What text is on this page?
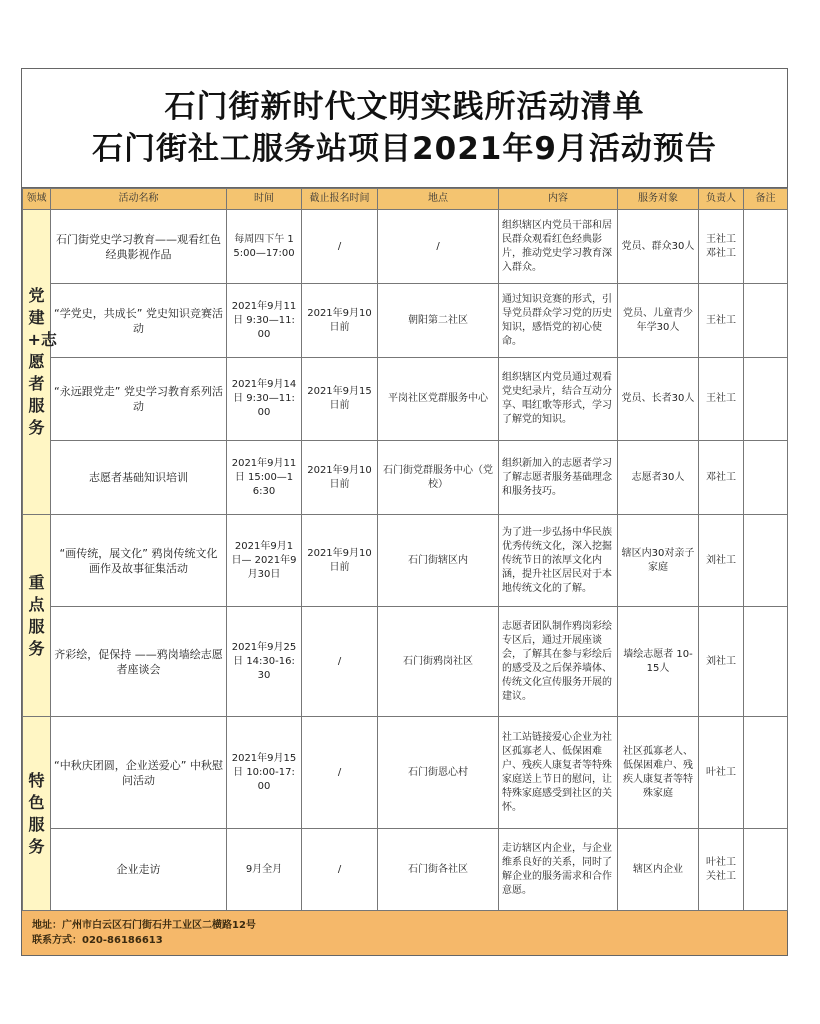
石门街新时代文明实践所活动清单
石门街社工服务站项目2021年9月活动预告
领域	活动名称	时间	截止报名时间	地点	内容	服务对象	负责人	备注

党建+志愿者服务	石门街党史学习教育——观看红色经典影视作品	每周四下午 15:00—17:00	/	/	组织辖区内党员干部和居民群众观看红色经典影片，推动党史学习教育深入群众。	党员、群众30人	王社工 邓社工	
	“学党史，共成长” 党史知识竞赛活动	2021年9月11日 9:30—11:00	2021年9月10日前	朝阳第二社区	通过知识竞赛的形式，引导党员群众学习党的历史知识，感悟党的初心使命。	党员、儿童青少年学30人	王社工	
	“永远跟党走” 党史学习教育系列活动	2021年9月14日 9:30—11:00	2021年9月15日前	平岗社区党群服务中心	组织辖区内党员通过观看党史纪录片，结合互动分享、唱红歌等形式，学习了解党的知识。	党员、长者30人	王社工	
	志愿者基础知识培训	2021年9月11日 15:00—16:30	2021年9月10日前	石门街党群服务中心（党校）	组织新加入的志愿者学习了解志愿者服务基础理念和服务技巧。	志愿者30人	邓社工	

重点服务	“画传统，展文化” 鸦岗传统文化 画作及故事征集活动	2021年9月1日— 2021年9月30日	2021年9月10日前	石门街辖区内	为了进一步弘扬中华民族优秀传统文化，深入挖掘传统节日的浓厚文化内涵，提升社区居民对于本地传统文化的了解。	辖区内30对亲子家庭	刘社工	
	齐彩绘，促保持 ——鸦岗墙绘志愿者座谈会	2021年9月25日 14:30-16:30	/	石门街鸦岗社区	志愿者团队制作鸦岗彩绘专区后，通过开展座谈会，了解其在参与彩绘后的感受及之后保养墙体、传统文化宣传服务开展的建议。	墙绘志愿者 10-15人	刘社工	

特色服务	“中秋庆团圆，企业送爱心” 中秋慰问活动	2021年9月15日 10:00-17:00	/	石门街恩心村	社工站链接爱心企业为社区孤寡老人、低保困难户、残疾人康复者等特殊家庭送上节日的慰问，让特殊家庭感受到社区的关怀。	社区孤寡老人、低保困难户、残疾人康复者等特殊家庭	叶社工	
	企业走访	9月全月	/	石门街各社区	走访辖区内企业，与企业维系良好的关系，同时了解企业的服务需求和合作意愿。	辖区内企业	叶社工 关社工	
地址：广州市白云区石门街石井工业区二横路12号
联系方式：020-86186613
